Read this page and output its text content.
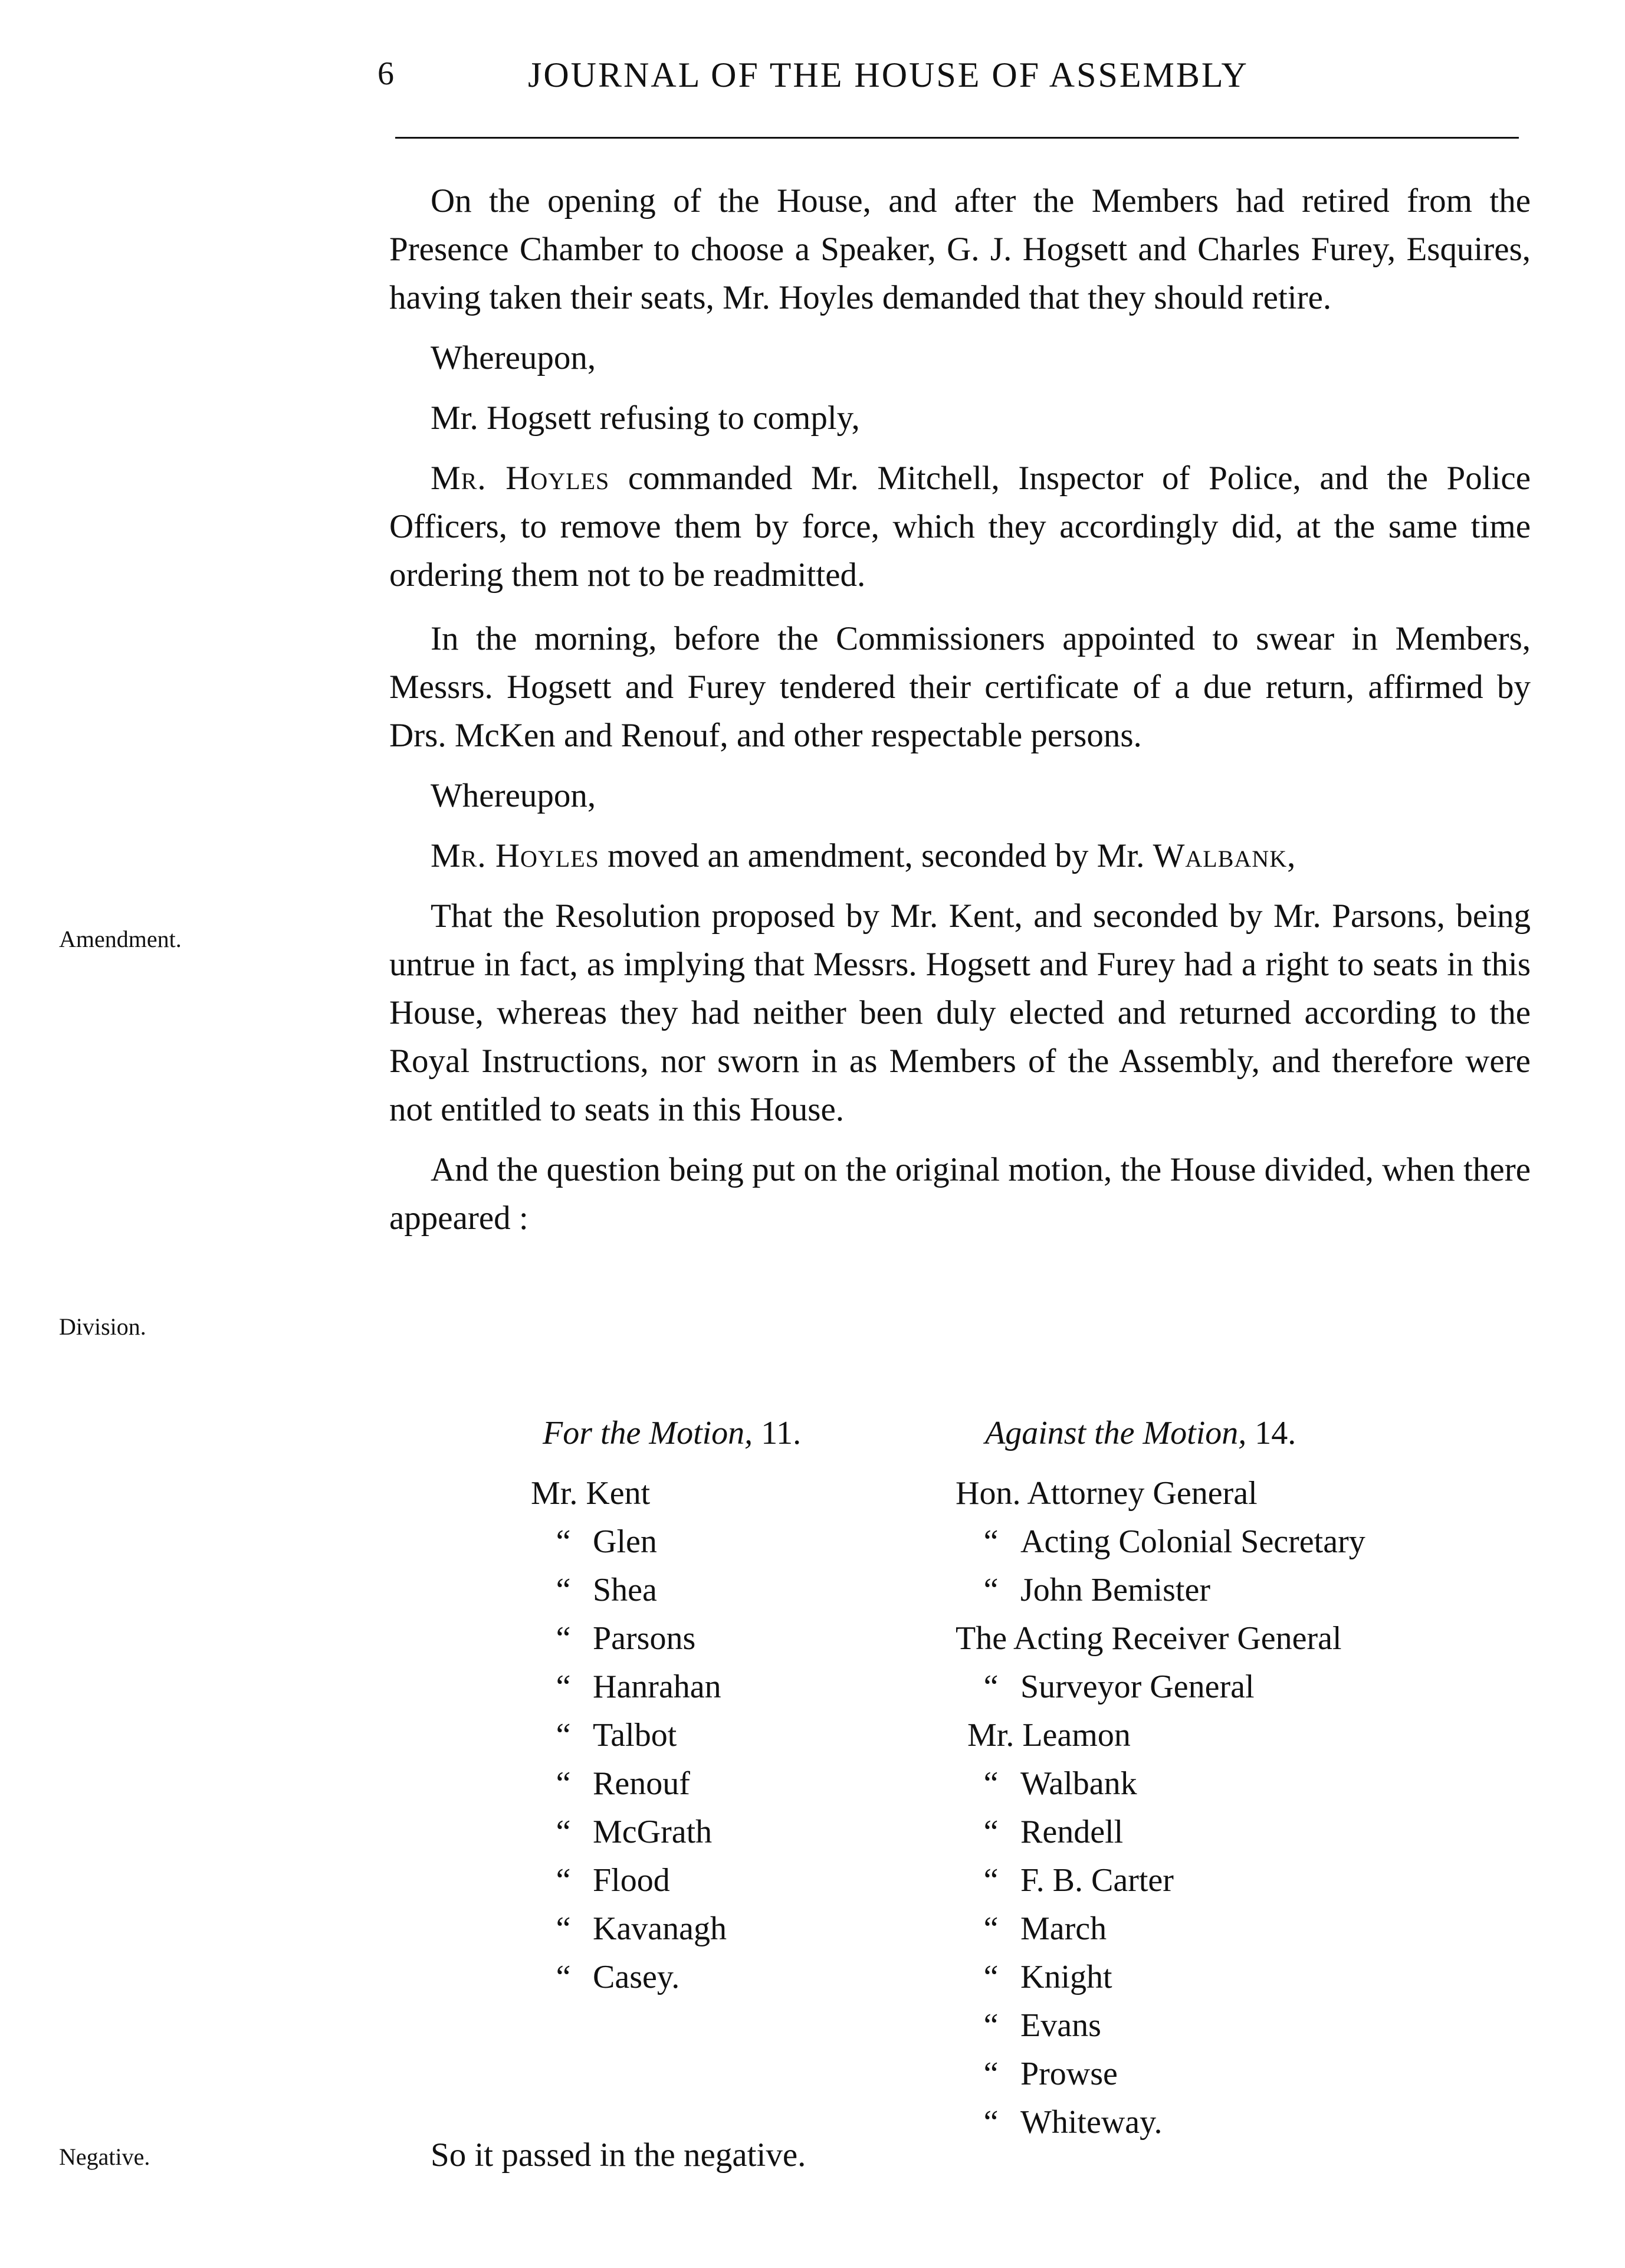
6	JOURNAL OF THE HOUSE OF ASSEMBLY
Amendment.
Division.
Negative.

On the opening of the House, and after the Members had retired from the Presence Chamber to choose a Speaker, G. J. Hogsett and Charles Furey, Esquires, having taken their seats, Mr. Hoyles demanded that they should retire.

Whereupon,

Mr. Hogsett refusing to comply,

Mr. Hoyles commanded Mr. Mitchell, Inspector of Police, and the Police Officers, to remove them by force, which they accordingly did, at the same time ordering them not to be readmitted.

In the morning, before the Commissioners appointed to swear in Members, Messrs. Hogsett and Furey tendered their certificate of a due return, affirmed by Drs. McKen and Renouf, and other respectable persons.

Whereupon,

Mr. Hoyles moved an amendment, seconded by Mr. Walbank,

That the Resolution proposed by Mr. Kent, and seconded by Mr. Parsons, being untrue in fact, as implying that Messrs. Hogsett and Furey had a right to seats in this House, whereas they had neither been duly elected and returned according to the Royal Instructions, nor sworn in as Members of the Assembly, and therefore were not entitled to seats in this House.

And the question being put on the original motion, the House divided, when there appeared :

For the Motion, 11.
Mr. Kent
“ Glen
“ Shea
“ Parsons
“ Hanrahan
“ Talbot
“ Renouf
“ McGrath
“ Flood
“ Kavanagh
“ Casey.
Against the Motion, 14.
Hon. Attorney General
“ Acting Colonial Secretary
“ John Bemister
The Acting Receiver General
“ Surveyor General
Mr. Leamon
“ Walbank
“ Rendell
“ F. B. Carter
“ March
“ Knight
“ Evans
“ Prowse
“ Whiteway.
So it passed in the negative.
